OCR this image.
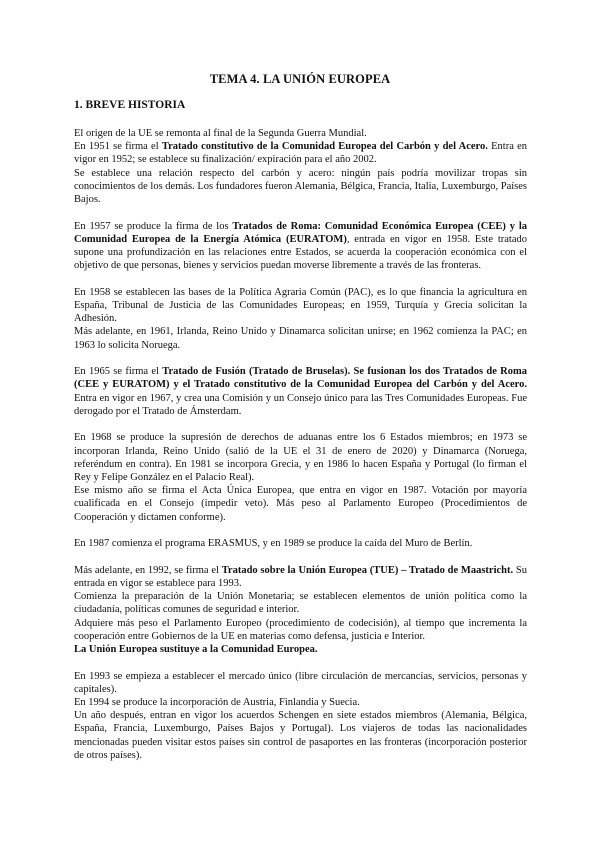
TEMA 4. LA UNIÓN EUROPEA
1. BREVE HISTORIA

El origen de la UE se remonta al final de la Segunda Guerra Mundial.

En 1951 se firma el Tratado constitutivo de la Comunidad Europea del Carbón y del Acero. Entra en vigor en 1952; se establece su finalización/ expiración para el año 2002.

Se establece una relación respecto del carbón y acero: ningún país podría movilizar tropas sin conocimientos de los demás. Los fundadores fueron Alemania, Bélgica, Francia, Italia, Luxemburgo, Países Bajos.

En 1957 se produce la firma de los Tratados de Roma: Comunidad Económica Europea (CEE) y la Comunidad Europea de la Energía Atómica (EURATOM), entrada en vigor en 1958. Este tratado supone una profundización en las relaciones entre Estados, se acuerda la cooperación económica con el objetivo de que personas, bienes y servicios puedan moverse libremente a través de las fronteras.

En 1958 se establecen las bases de la Política Agraria Común (PAC), es lo que financia la agricultura en España, Tribunal de Justicia de las Comunidades Europeas; en 1959, Turquía y Grecia solicitan la Adhesión.

Más adelante, en 1961, Irlanda, Reino Unido y Dinamarca solicitan unirse; en 1962 comienza la PAC; en 1963 lo solicita Noruega.

En 1965 se firma el Tratado de Fusión (Tratado de Bruselas). Se fusionan los dos Tratados de Roma (CEE y EURATOM) y el Tratado constitutivo de la Comunidad Europea del Carbón y del Acero. Entra en vigor en 1967, y crea una Comisión y un Consejo único para las Tres Comunidades Europeas. Fue derogado por el Tratado de Ámsterdam.

En 1968 se produce la supresión de derechos de aduanas entre los 6 Estados miembros; en 1973 se incorporan Irlanda, Reino Unido (salió de la UE el 31 de enero de 2020) y Dinamarca (Noruega, referéndum en contra). En 1981 se incorpora Grecia, y en 1986 lo hacen España y Portugal (lo firman el Rey y Felipe González en el Palacio Real).

Ese mismo año se firma el Acta Única Europea, que entra en vigor en 1987. Votación por mayoría cualificada en el Consejo (impedir veto). Más peso al Parlamento Europeo (Procedimientos de Cooperación y dictamen conforme).

En 1987 comienza el programa ERASMUS, y en 1989 se produce la caída del Muro de Berlín.

Más adelante, en 1992, se firma el Tratado sobre la Unión Europea (TUE) – Tratado de Maastricht. Su entrada en vigor se establece para 1993.

Comienza la preparación de la Unión Monetaria; se establecen elementos de unión política como la ciudadanía, políticas comunes de seguridad e interior.

Adquiere más peso el Parlamento Europeo (procedimiento de codecisión), al tiempo que incrementa la cooperación entre Gobiernos de la UE en materias como defensa, justicia e Interior.

La Unión Europea sustituye a la Comunidad Europea.

En 1993 se empieza a establecer el mercado único (libre circulación de mercancías, servicios, personas y capitales).

En 1994 se produce la incorporación de Austria, Finlandia y Suecia.

Un año después, entran en vigor los acuerdos Schengen en siete estados miembros (Alemania, Bélgica, España, Francia, Luxemburgo, Países Bajos y Portugal). Los viajeros de todas las nacionalidades mencionadas pueden visitar estos países sin control de pasaportes en las fronteras (incorporación posterior de otros países).
